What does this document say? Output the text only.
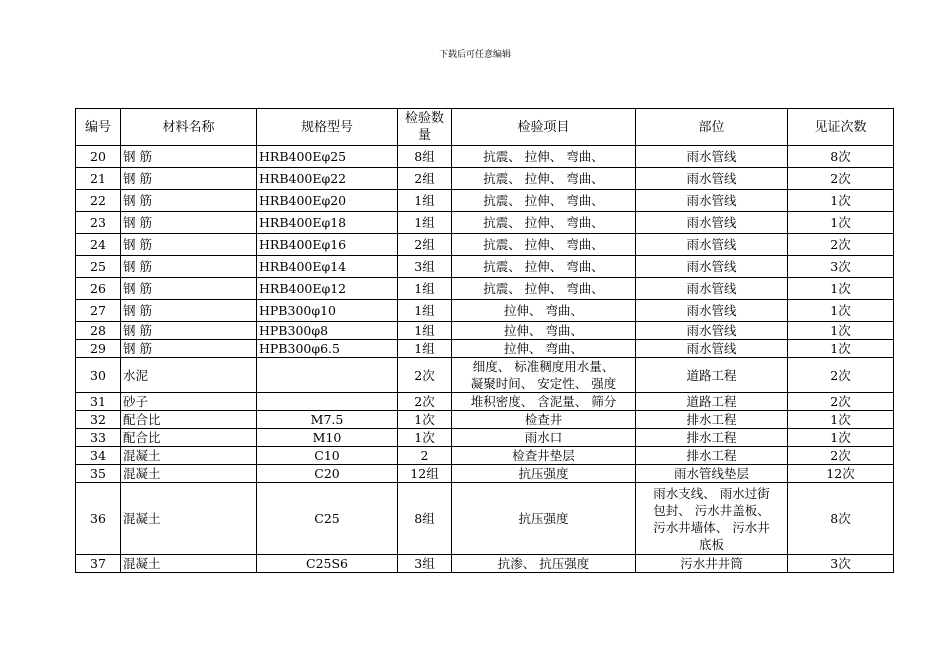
下载后可任意编辑
编号	材料名称	规格型号	检验数量	检验项目	部位	见证次数
20	钢 筋	HRB400Eφ25	8组	抗震、 拉伸、 弯曲、	雨水管线	8次
21	钢 筋	HRB400Eφ22	2组	抗震、 拉伸、 弯曲、	雨水管线	2次
22	钢 筋	HRB400Eφ20	1组	抗震、 拉伸、 弯曲、	雨水管线	1次
23	钢 筋	HRB400Eφ18	1组	抗震、 拉伸、 弯曲、	雨水管线	1次
24	钢 筋	HRB400Eφ16	2组	抗震、 拉伸、 弯曲、	雨水管线	2次
25	钢 筋	HRB400Eφ14	3组	抗震、 拉伸、 弯曲、	雨水管线	3次
26	钢 筋	HRB400Eφ12	1组	抗震、 拉伸、 弯曲、	雨水管线	1次
27	钢 筋	HPB300φ10	1组	拉伸、 弯曲、	雨水管线	1次
28	钢 筋	HPB300φ8	1组	拉伸、 弯曲、	雨水管线	1次
29	钢 筋	HPB300φ6.5	1组	拉伸、 弯曲、	雨水管线	1次
30	水泥		2次	细度、 标准稠度用水量、
凝聚时间、 安定性、 强度	道路工程	2次
31	砂子		2次	堆积密度、 含泥量、 筛分	道路工程	2次
32	配合比	M7.5	1次	检查井	排水工程	1次
33	配合比	M10	1次	雨水口	排水工程	1次
34	混凝土	C10	2	检查井垫层	排水工程	2次
35	混凝土	C20	12组	抗压强度	雨水管线垫层	12次
36	混凝土	C25	8组	抗压强度	雨水支线、 雨水过街
包封、 污水井盖板、
污水井墙体、 污水井
底板	8次
37	混凝土	C25S6	3组	抗渗、 抗压强度	污水井井筒	3次
